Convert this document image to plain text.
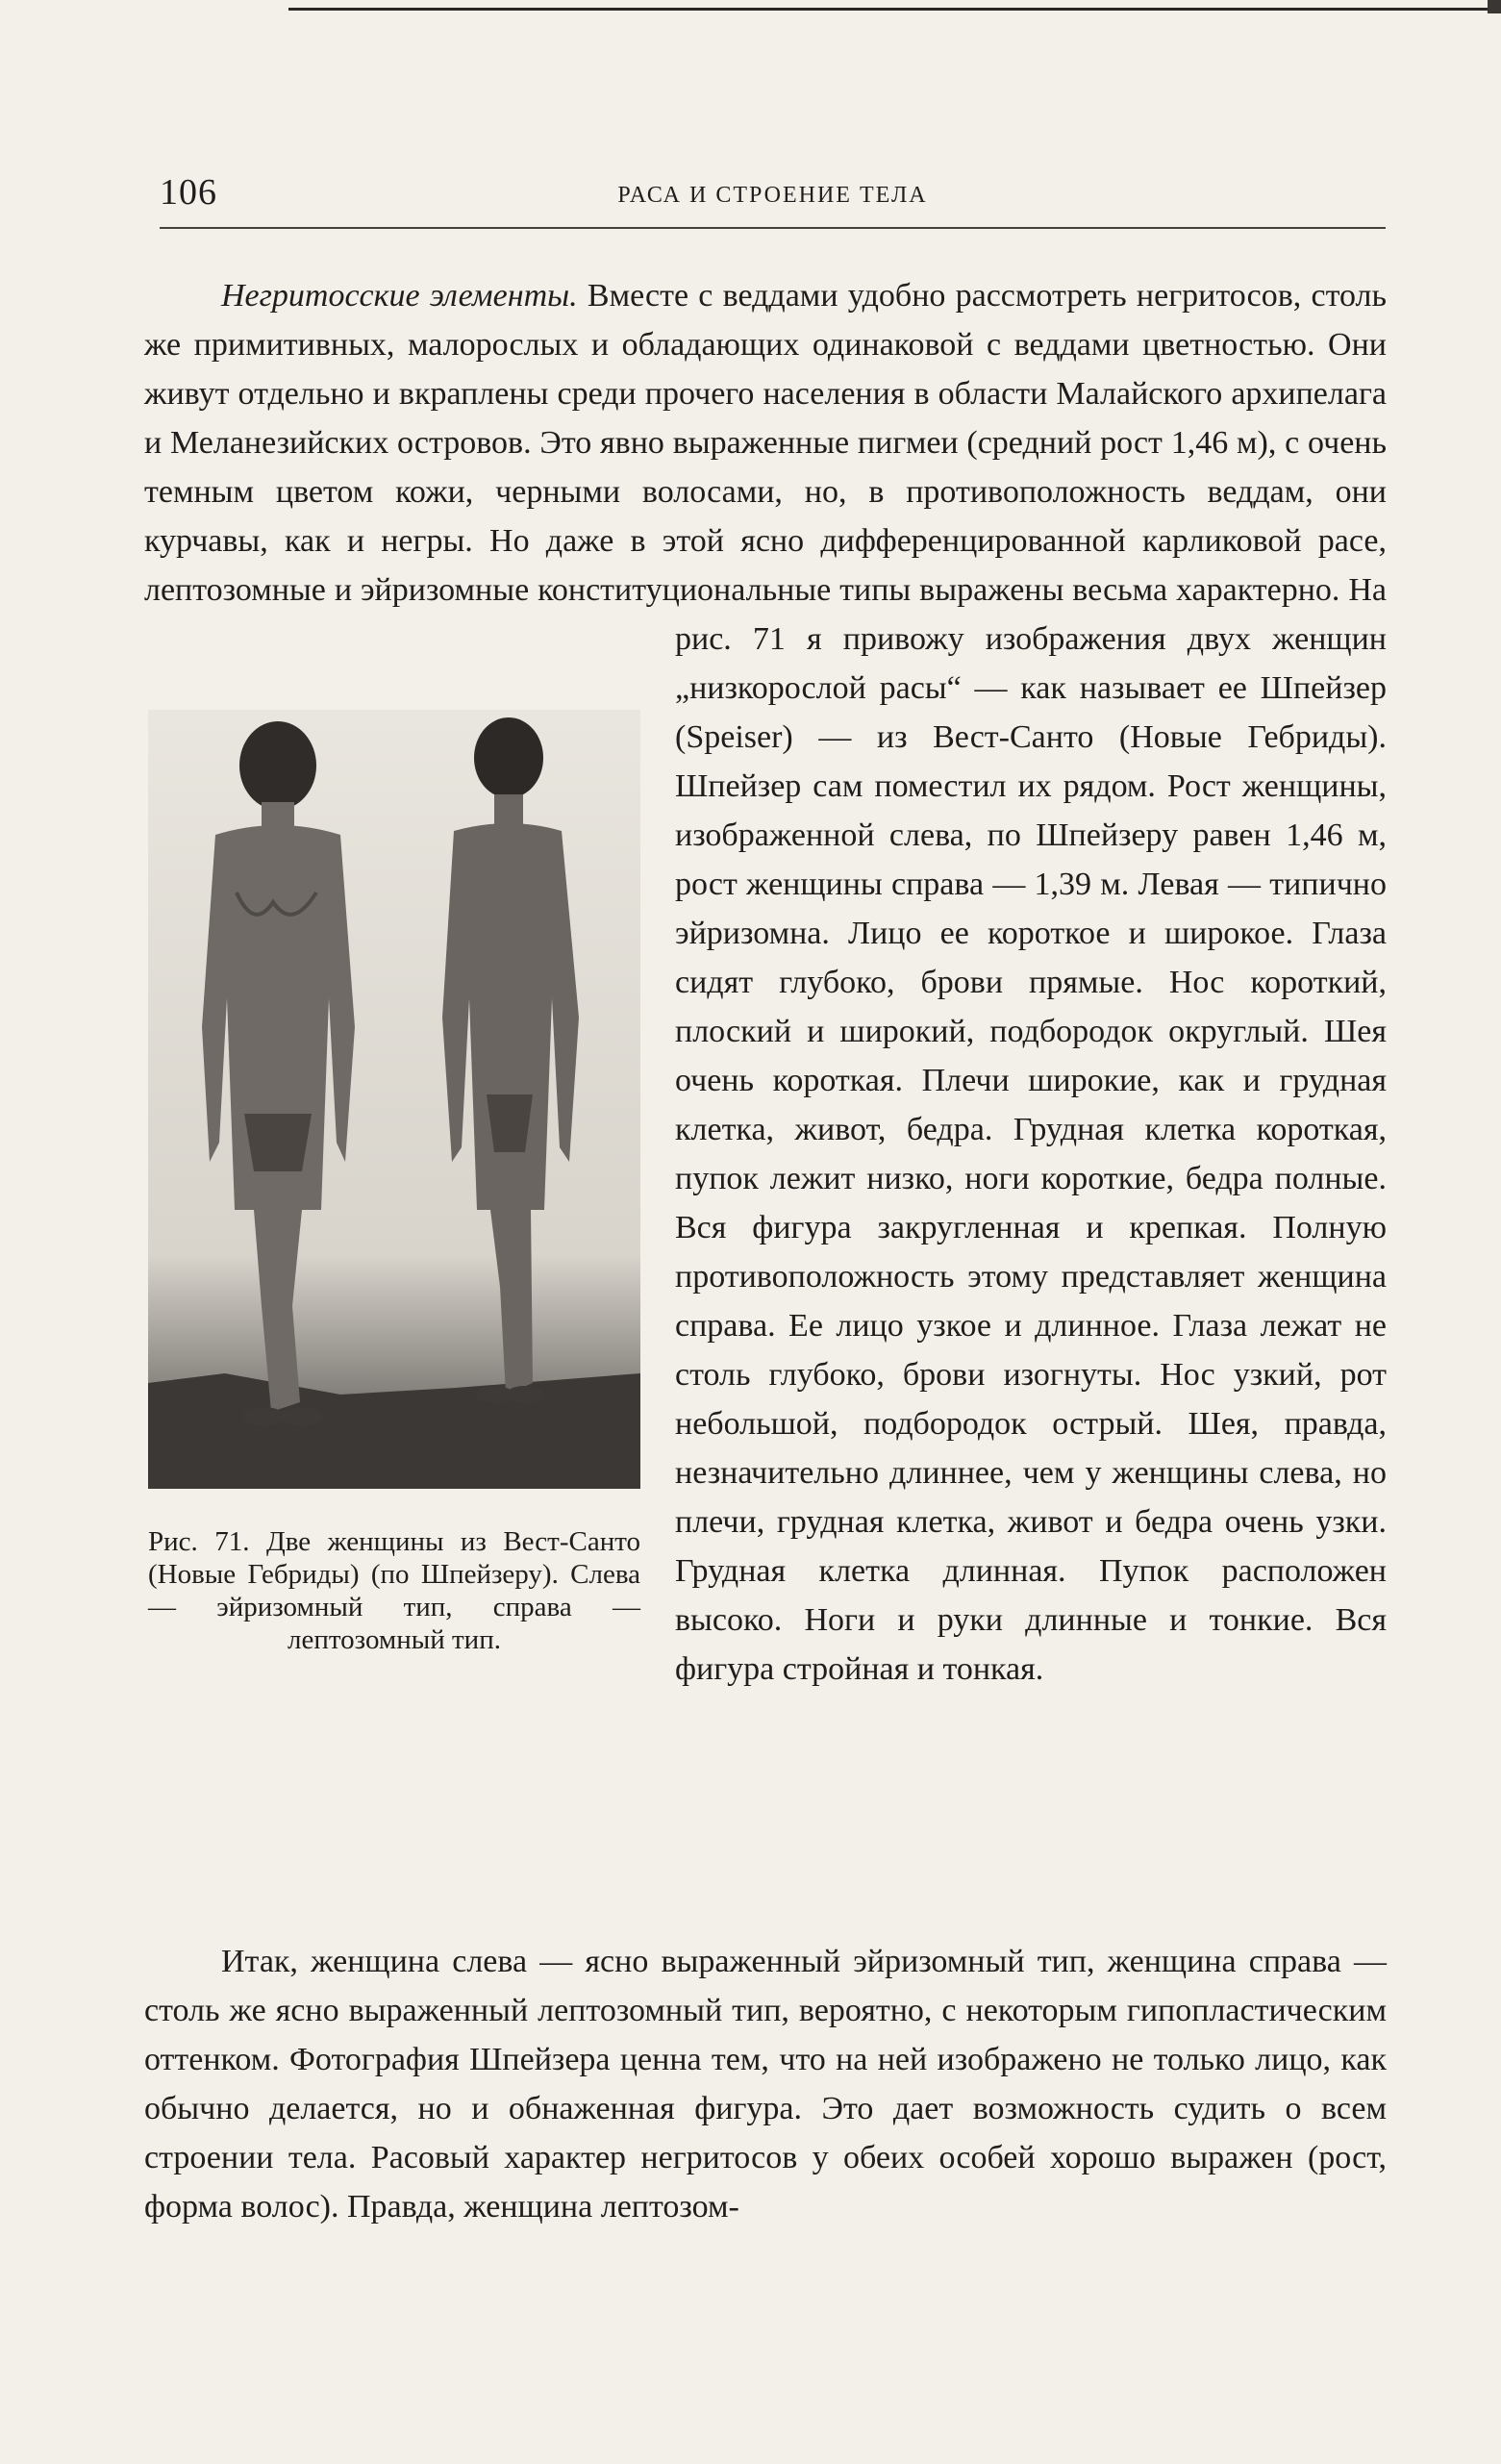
106	РАСА И СТРОЕНИЕ ТЕЛА

Негритосские элементы. Вместе с веддами удобно рассмотреть негритосов, столь же примитивных, малорослых и обладающих одинаковой с веддами цветностью. Они живут отдельно и вкраплены среди прочего населения в области Малайского архипелага и Меланезийских островов. Это явно выраженные пигмеи (средний рост 1,46 м), с очень темным цветом кожи, черными волосами, но, в противоположность веддам, они курчавы, как и негры. Но даже в этой ясно дифференцированной карликовой расе, лептозомные и эйризомные конституциональные типы выражены весьма характерно. На рис. 71 я привожу изображения двух женщин „низкорослой расы“ — как называет ее Шпейзер (Speiser) — из Вест-Санто (Новые Гебриды). Шпейзер сам поместил их рядом. Рост женщины, изображенной слева, по Шпейзеру равен 1,46 м, рост женщины справа — 1,39 м. Левая — типично эйризомна. Лицо ее короткое и широкое. Глаза сидят глубоко, брови прямые. Нос короткий, плоский и широкий, подбородок округлый. Шея очень короткая. Плечи широкие, как и грудная клетка, живот, бедра. Грудная клетка короткая, пупок лежит низко, ноги короткие, бедра полные. Вся фигура закругленная и крепкая. Полную противоположность этому представляет женщина справа. Ее лицо узкое и длинное. Глаза лежат не столь глубоко, брови изогнуты. Нос узкий, рот небольшой, подбородок острый. Шея, правда, незначительно длиннее, чем у женщины слева, но плечи, грудная клетка, живот и бедра очень узки. Грудная клетка длинная. Пупок расположен высоко. Ноги и руки длинные и тонкие. Вся фигура стройная и тонкая.

Рис. 71. Две женщины из Вест-Санто (Новые Гебриды) (по Шпейзеру). Слева — эйризомный тип, справа — лептозомный тип.
Итак, женщина слева — ясно выраженный эйризомный тип, женщина справа — столь же ясно выраженный лептозомный тип, вероятно, с некоторым гипопластическим оттенком. Фотография Шпейзера ценна тем, что на ней изображено не только лицо, как обычно делается, но и обнаженная фигура. Это дает возможность судить о всем строении тела. Расовый характер негритосов у обеих особей хорошо выражен (рост, форма волос). Правда, женщина лептозом-
